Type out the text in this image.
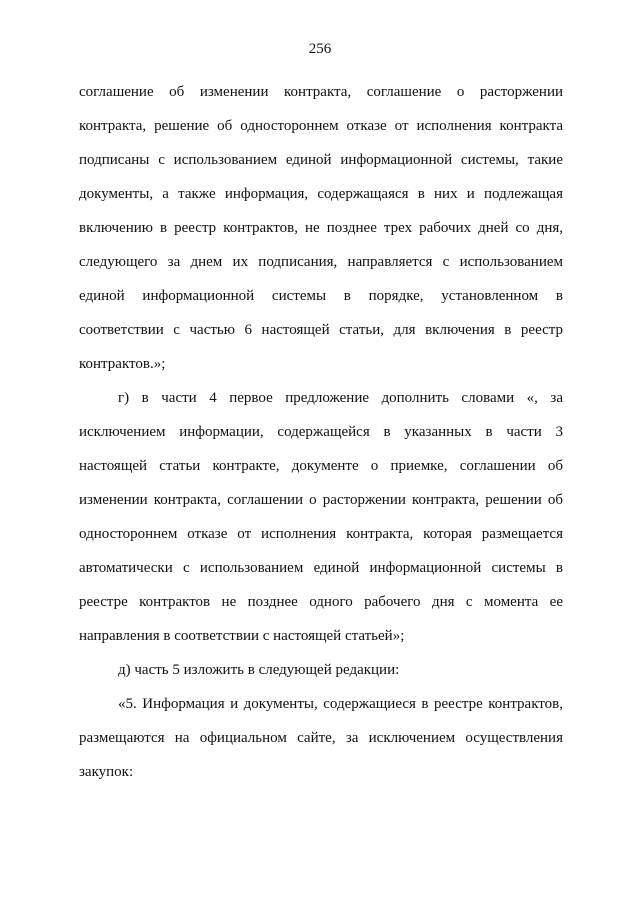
256
соглашение об изменении контракта, соглашение о расторжении
контракта, решение об одностороннем отказе от исполнения контракта
подписаны с использованием единой информационной системы, такие
документы, а также информация, содержащаяся в них и подлежащая
включению в реестр контрактов, не позднее трех рабочих дней со дня,
следующего за днем их подписания, направляется с использованием
единой информационной системы в порядке, установленном в
соответствии с частью 6 настоящей статьи, для включения в реестр
контрактов.»;
г) в части 4 первое предложение дополнить словами «, за
исключением информации, содержащейся в указанных в части 3
настоящей статьи контракте, документе о приемке, соглашении об
изменении контракта, соглашении о расторжении контракта, решении об
одностороннем отказе от исполнения контракта, которая размещается
автоматически с использованием единой информационной системы в
реестре контрактов не позднее одного рабочего дня с момента ее
направления в соответствии с настоящей статьей»;
д) часть 5 изложить в следующей редакции:
«5. Информация и документы, содержащиеся в реестре контрактов,
размещаются на официальном сайте, за исключением осуществления
закупок:
